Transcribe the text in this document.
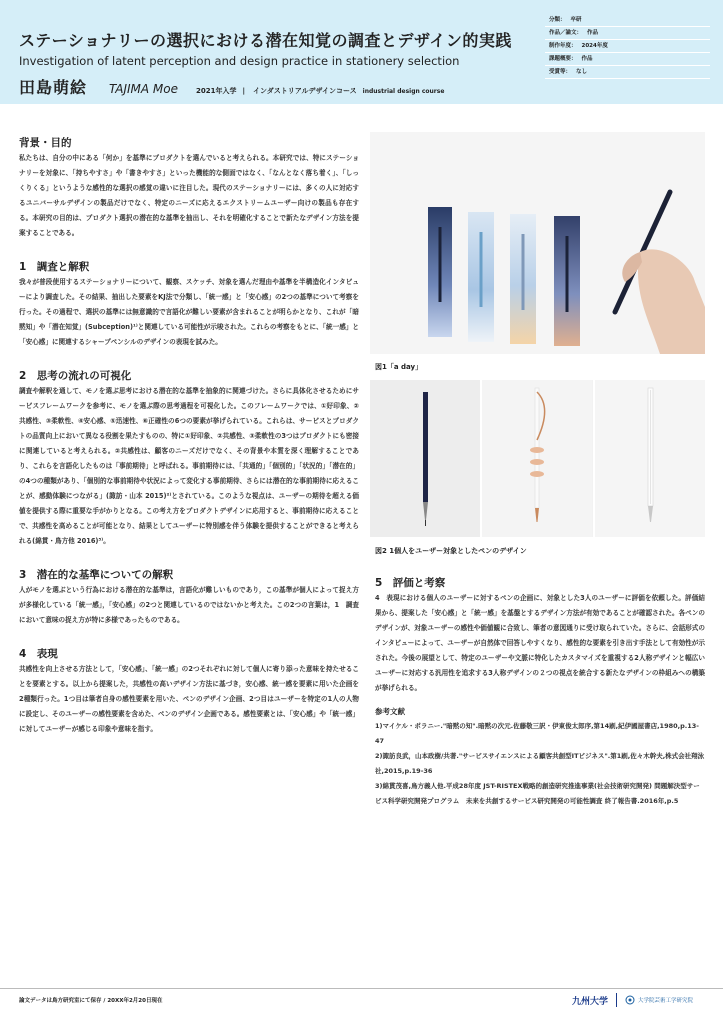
ステーショナリーの選択における潜在知覚の調査とデザイン的実践
Investigation of latent perception and design practice in stationery selection
田島萌絵 TAJIMA Moe	2021年入学 | インダストリアルデザインコース industrial design course
分類： 卒研
作品／論文： 作品
制作年度： 2024年度
課題概要： 作品
受賞等： なし
背景・目的
私たちは、自分の中にある「何か」を基準にプロダクトを選んでいると考えられる。本研究では、特にステーショナリーを対象に、「持ちやすさ」や「書きやすさ」といった機能的な側面ではなく、「なんとなく落ち着く」、「しっくりくる」というような感性的な選択の感覚の違いに注目した。現代のステーショナリーには、多くの人に対応するユニバーサルデザインの製品だけでなく、特定のニーズに応えるエクストリームユーザー向けの製品も存在する。本研究の目的は、プロダクト選択の潜在的な基準を抽出し、それを明確化することで新たなデザイン方法を提案することである。
1　調査と解釈
我々が普段使用するステーショナリーについて、観察、スケッチ、対象を選んだ理由や基準を半構造化インタビューにより調査した。その結果、抽出した要素をKJ法で分類し、「統一感」と「安心感」の2つの基準について考察を行った。その過程で、選択の基準には無意識的で言語化が難しい要素が含まれることが明らかとなり、これが「暗黙知」や「潜在知覚」(Subception)¹⁾と関連している可能性が示唆された。これらの考察をもとに、「統一感」と「安心感」に関連するシャープペンシルのデザインの表現を試みた。
2　思考の流れの可視化
調査や解釈を通して、モノを選ぶ思考における潜在的な基準を抽象的に関連づけた。さらに具体化させるためにサービスフレームワークを参考に、モノを選ぶ際の思考過程を可視化した。このフレームワークでは、①好印象、②共感性、③柔軟性、④安心感、⑤迅速性、⑥正確性の6つの要素が挙げられている。これらは、サービスとプロダクトの品質向上において異なる役割を果たすものの、特に①好印象、②共感性、③柔軟性の3つはプロダクトにも密接に関連していると考えられる。②共感性は、顧客のニーズだけでなく、その背景や本質を深く理解することであり、これらを言語化したものは「事前期待」と呼ばれる。事前期待には、「共通的」「個別的」「状況的」「潜在的」の4つの種類があり、「個別的な事前期待や状況によって変化する事前期待、さらには潜在的な事前期待に応えることが、感動体験につながる」(諏訪・山本 2015)²⁾とされている。このような視点は、ユーザーの期待を超える価値を提供する際に重要な手がかりとなる。この考え方をプロダクトデザインに応用すると、事前期待に応えることで、共感性を高めることが可能となり、結果としてユーザーに特別感を伴う体験を提供することができると考えられる(綿貫・鳥方他 2016)³⁾。
3　潜在的な基準についての解釈
人がモノを選ぶという行為における潜在的な基準は，言語化が難しいものであり，この基準が個人によって捉え方が多様化している「統一感」，「安心感」の2つと関連しているのではないかと考えた。この2つの言葉は，1　調査において意味の捉え方が特に多様であったものである。
4　表現
共感性を向上させる方法として，「安心感」、「統一感」の2つそれぞれに対して個人に寄り添った意味を持たせることを要素とする。以上から提案した，共感性の高いデザイン方法に基づき，安心感、統一感を要素に用いた企画を2種類行った。1つ目は筆者自身の感性要素を用いた、ペンのデザイン企画、2つ目はユーザーを特定の1人の人物に設定し、そのユーザーの感性要素を含めた、ペンのデザイン企画である。感性要素とは、「安心感」や「統一感」に対してユーザーが感じる印象や意味を指す。
図1「a day」
図2 1個人をユーザー対象としたペンのデザイン
5　評価と考察
4　表現における個人のユーザーに対するペンの企画に、対象とした3人のユーザーに評価を依頼した。評価結果から、提案した「安心感」と「統一感」を基盤とするデザイン方法が有効であることが確認された。各ペンのデザインが、対象ユーザーの感性や価値観に合致し、筆者の意図通りに受け取られていた。さらに、会話形式のインタビューによって、ユーザーが自然体で回答しやすくなり、感性的な要素を引き出す手法として有効性が示された。今後の展望として、特定のユーザーや文脈に特化したカスタマイズを重視する2人称デザインと幅広いユーザーに対応する汎用性を追求する3人称デザインの２つの視点を統合する新たなデザインの枠組みへの構築が挙げられる。
参考文献
1)マイケル・ポラニー."暗黙の知".暗黙の次元.佐藤敬三訳・伊東俊太郎序,第14刷,紀伊國屋書店,1980,p.13-47
2)諏訪良武，山本政樹/共著."サービスサイエンスによる顧客共創型ITビジネス".第1刷,佐々木幹夫,株式会社翔泳社,2015,p.19-36
3)綿貫茂喜,鳥方義人他.平成28年度 JST-RISTEX戦略的創造研究推進事業(社会技術研究開発) 問題解決型サービス科学研究開発プログラム　未来を共創するサービス研究開発の可能性調査 終了報告書.2016年,p.5
論文データは鳥方研究室にて保存 / 20XX年2月20日現在	九州大学	大学院芸術工学研究院
